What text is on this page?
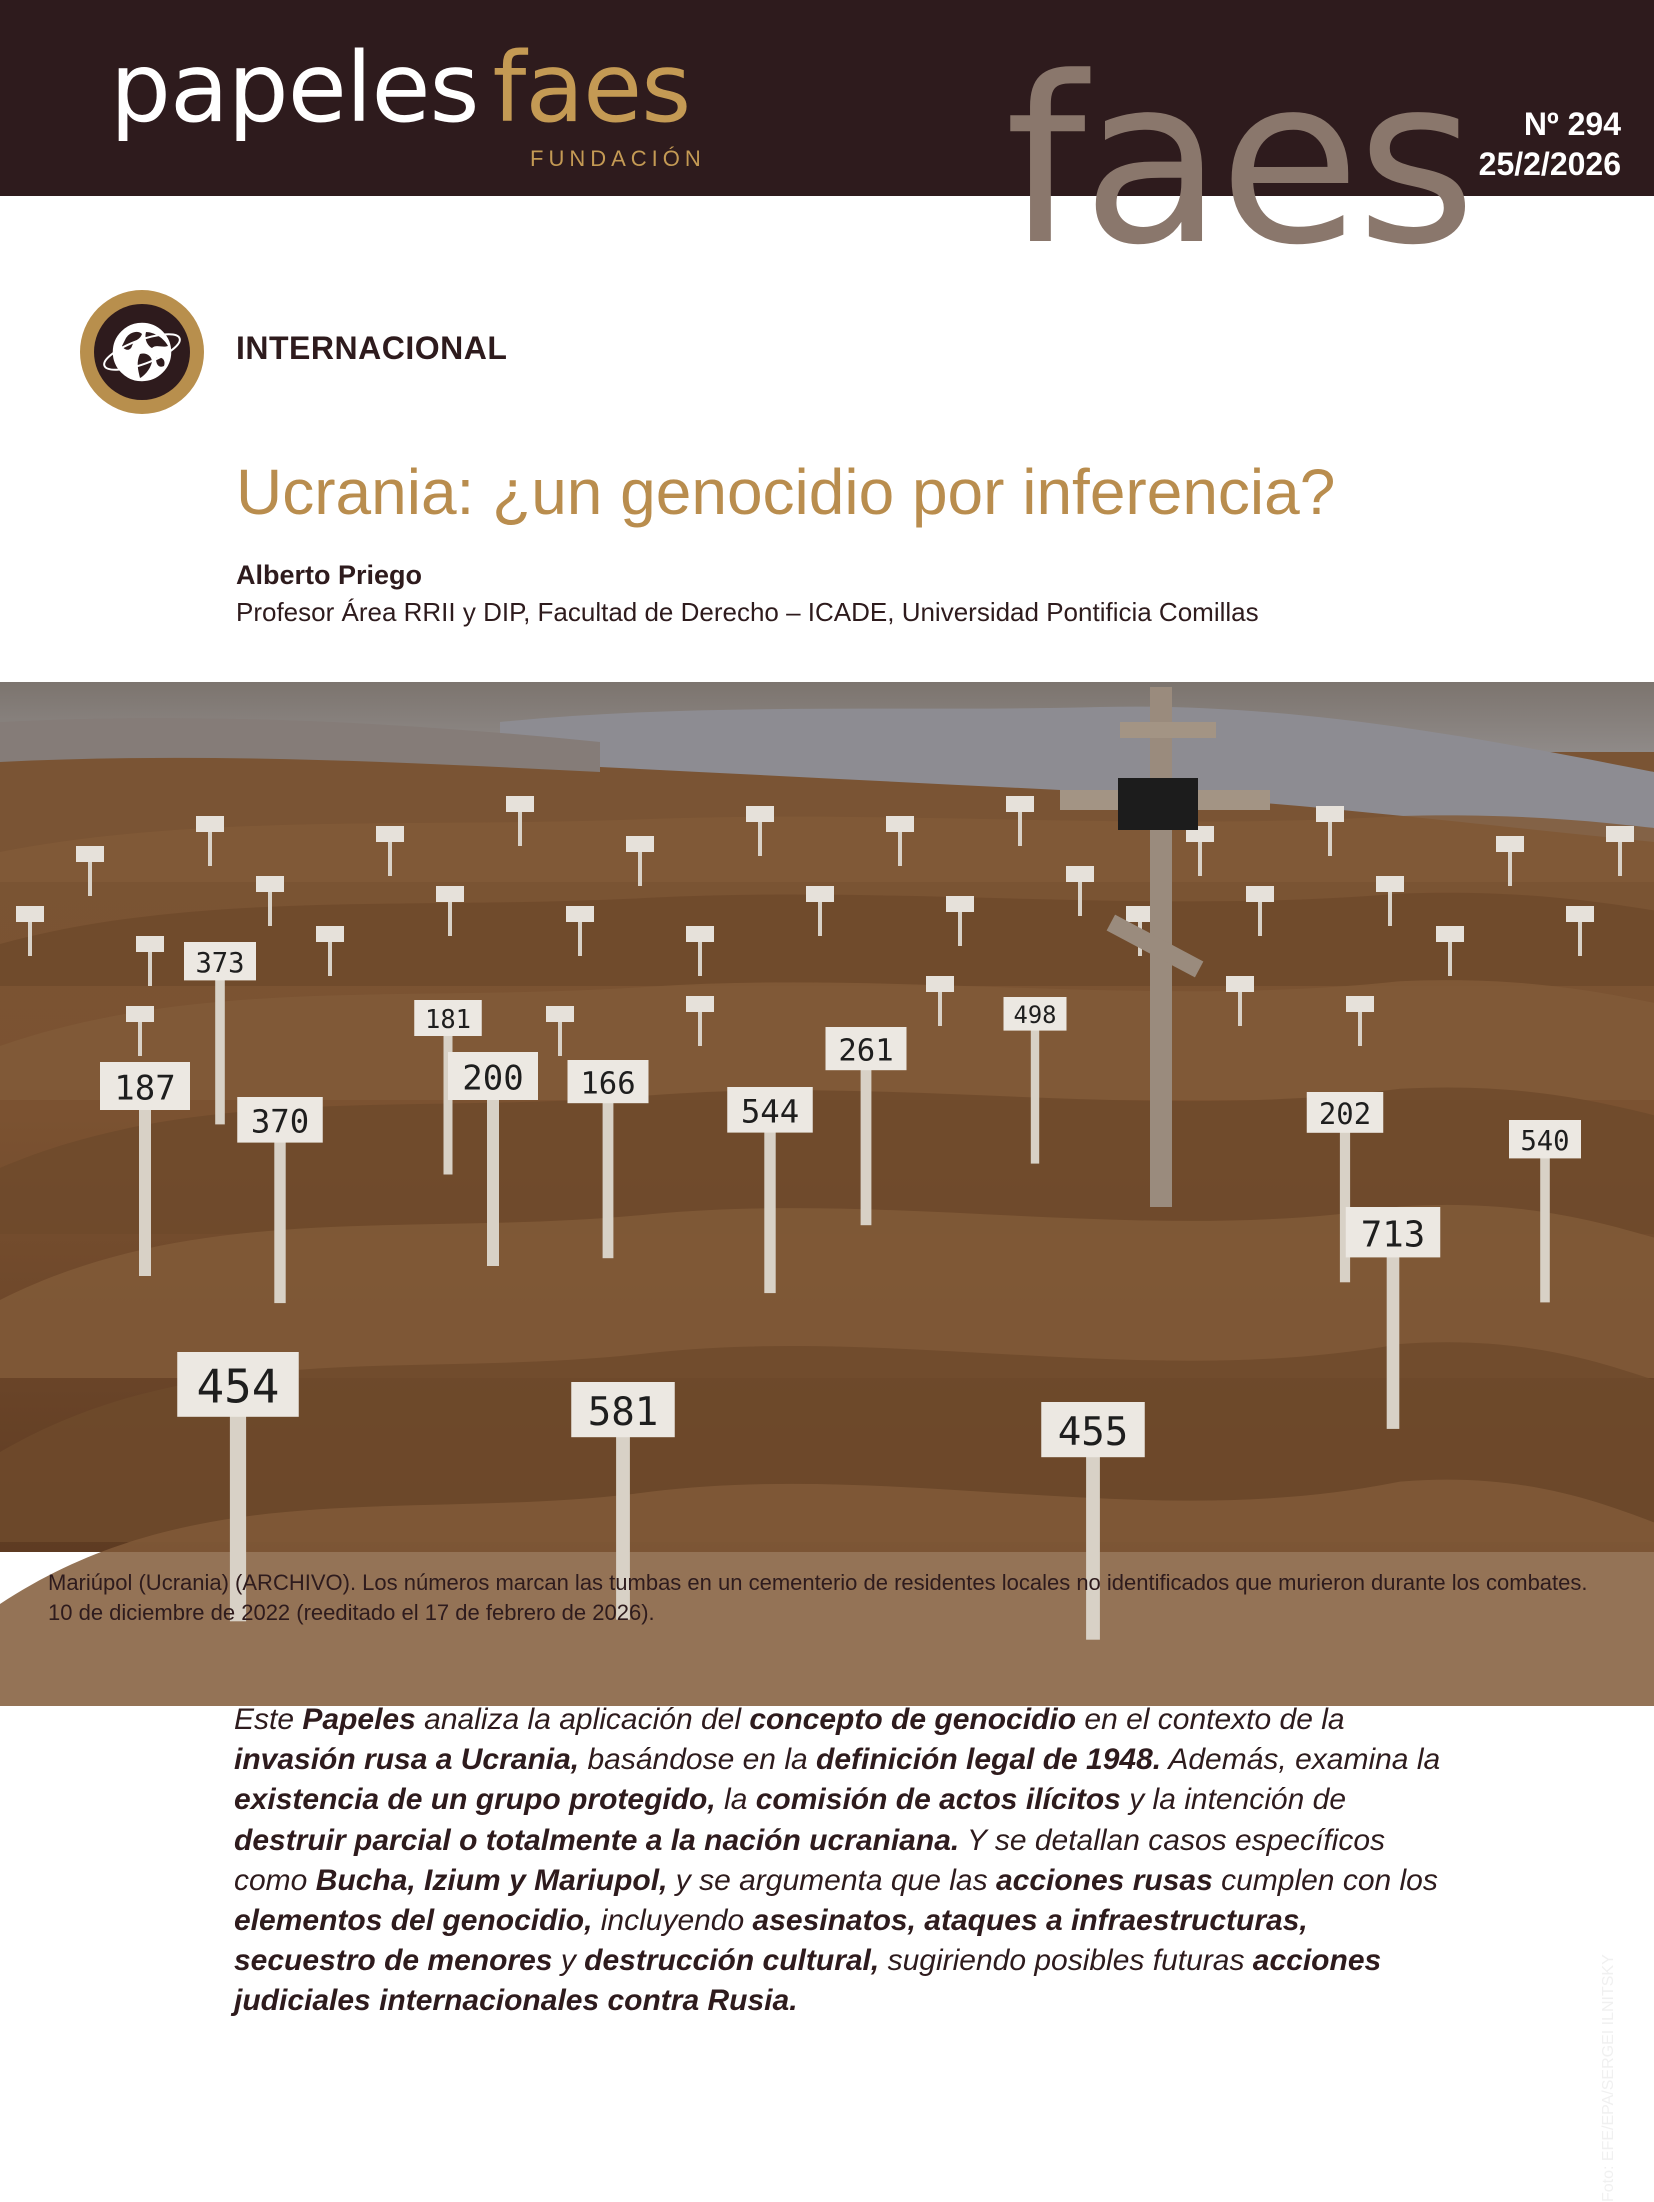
faes
papeles faes
FUNDACIÓN
Nº 294
25/2/2026
INTERNACIONAL
Ucrania: ¿un genocidio por inferencia?
Alberto Priego
Profesor Área RRII y DIP, Facultad de Derecho – ICADE, Universidad Pontificia Comillas
373
181
187
370
200 166
544
261
498
202
540
713
454	581	455
Foto: EFE/EPA/SERGEI ILNITSKY
Mariúpol (Ucrania) (ARCHIVO). Los números marcan las tumbas en un cementerio de residentes locales no identificados que murieron durante los combates. 10 de diciembre de 2022 (reeditado el 17 de febrero de 2026).
Este Papeles analiza la aplicación del concepto de genocidio en el contexto de la invasión rusa a Ucrania, basándose en la definición legal de 1948. Además, examina la existencia de un grupo protegido, la comisión de actos ilícitos y la intención de destruir parcial o totalmente a la nación ucraniana. Y se detallan casos específicos como Bucha, Izium y Mariupol, y se argumenta que las acciones rusas cumplen con los elementos del genocidio, incluyendo asesinatos, ataques a infraestructuras, secuestro de menores y destrucción cultural, sugiriendo posibles futuras acciones judiciales internacionales contra Rusia.
